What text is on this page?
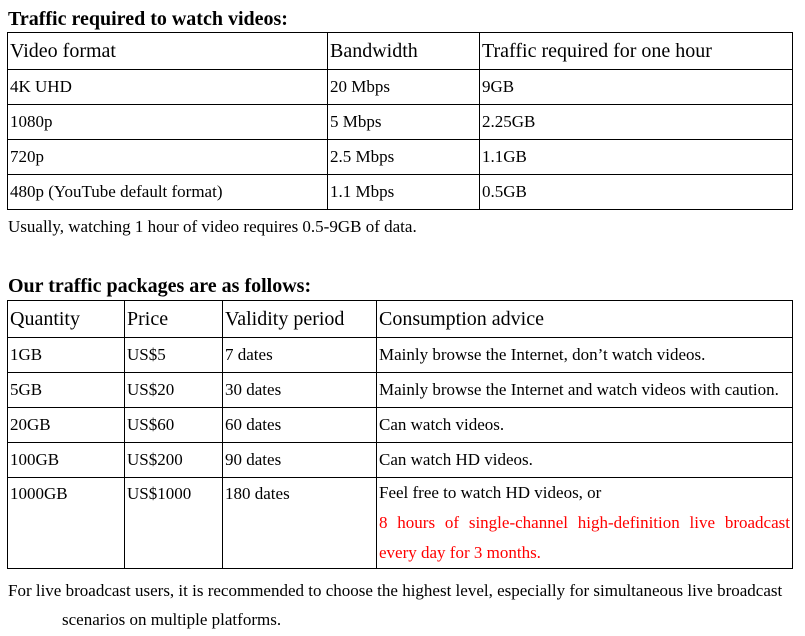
Traffic required to watch videos:
Video format	Bandwidth	Traffic required for one hour
4K UHD	20 Mbps	9GB
1080p	5 Mbps	2.25GB
720p	2.5 Mbps	1.1GB
480p (YouTube default format)	1.1 Mbps	0.5GB

Usually, watching 1 hour of video requires 0.5-9GB of data.

Our traffic packages are as follows:
Quantity	Price	Validity period	Consumption advice
1GB	US$5	7 dates	Mainly browse the Internet, don’t watch videos.
5GB	US$20	30 dates	Mainly browse the Internet and watch videos with caution.
20GB	US$60	60 dates	Can watch videos.
100GB	US$200	90 dates	Can watch HD videos.
1000GB	US$1000	180 dates	Feel free to watch HD videos, or
8 hours of single-channel high-definition live broadcast every day for 3 months.

For live broadcast users, it is recommended to choose the highest level, especially for simultaneous live broadcast
scenarios on multiple platforms.
